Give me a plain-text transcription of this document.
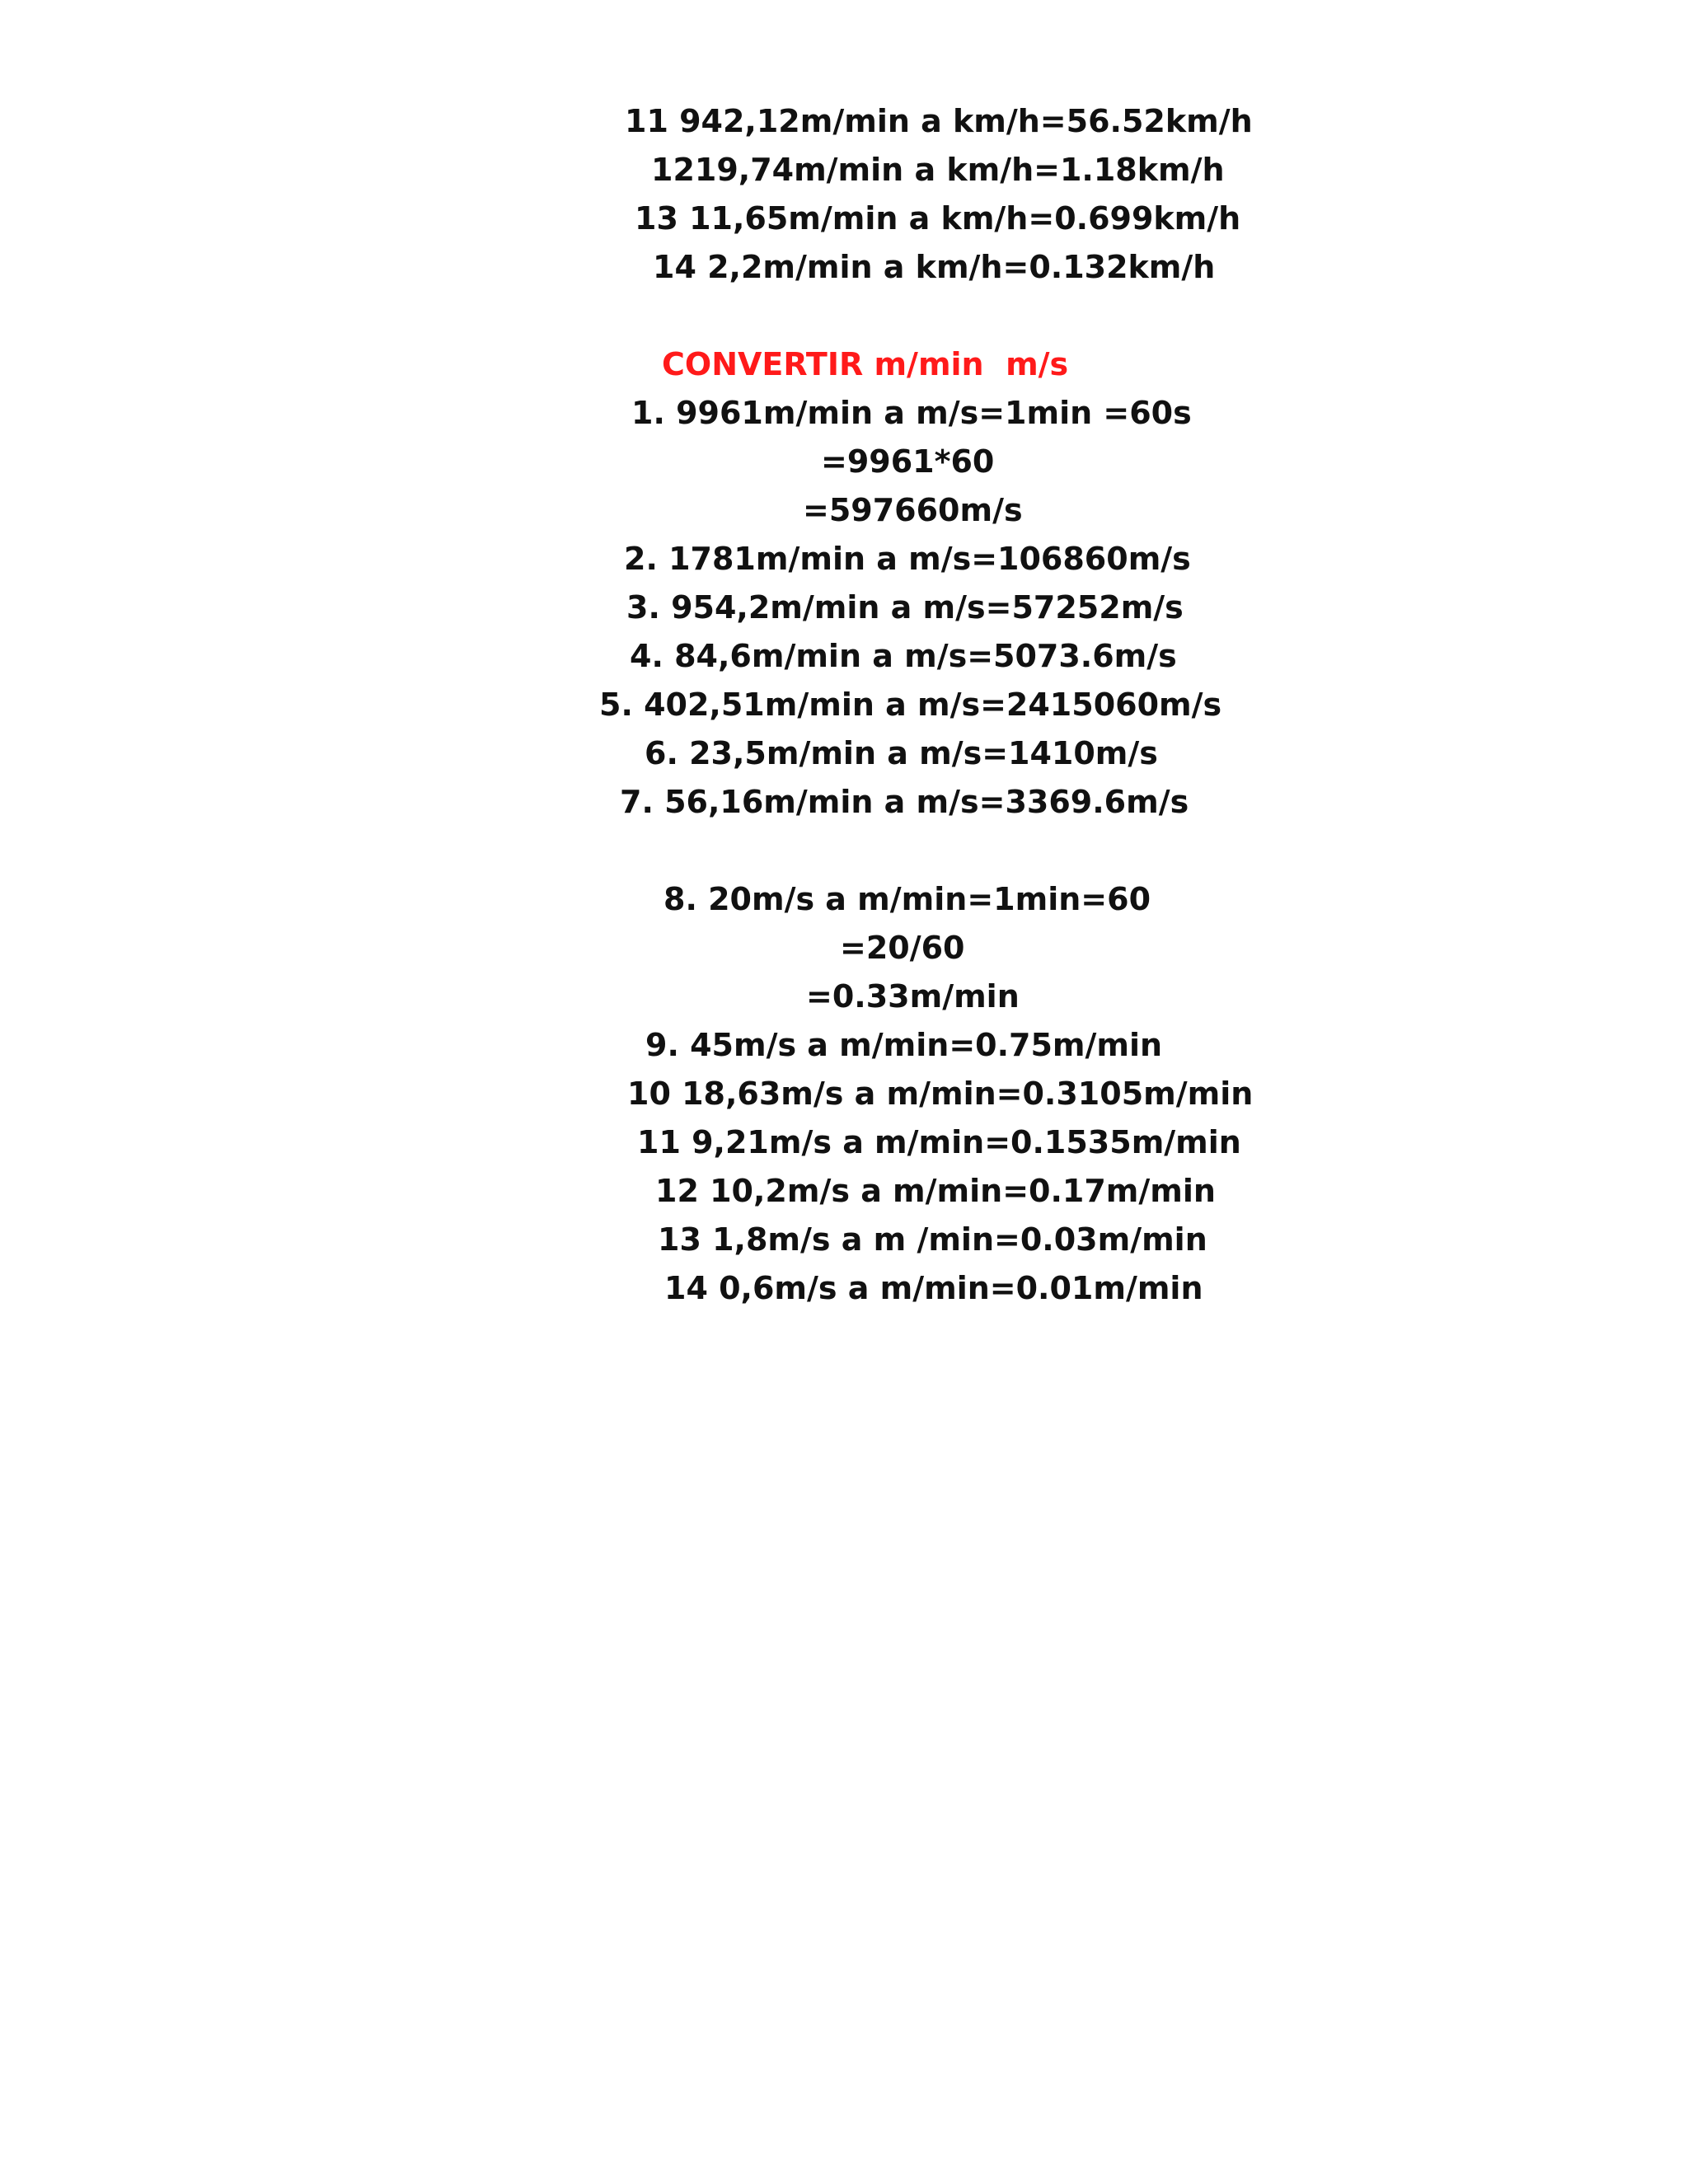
11 942,12m/min a km/h=56.52km/h
1219,74m/min a km/h=1.18km/h
13 11,65m/min a km/h=0.699km/h
14 2,2m/min a km/h=0.132km/h
CONVERTIR m/min  m/s
1. 9961m/min a m/s=1min =60s
=9961*60
=597660m/s
2. 1781m/min a m/s=106860m/s
3. 954,2m/min a m/s=57252m/s
4. 84,6m/min a m/s=5073.6m/s
5. 402,51m/min a m/s=2415060m/s
6. 23,5m/min a m/s=1410m/s
7. 56,16m/min a m/s=3369.6m/s
8. 20m/s a m/min=1min=60
=20/60
=0.33m/min
9. 45m/s a m/min=0.75m/min
10 18,63m/s a m/min=0.3105m/min
11 9,21m/s a m/min=0.1535m/min
12 10,2m/s a m/min=0.17m/min
13 1,8m/s a m /min=0.03m/min
14 0,6m/s a m/min=0.01m/min
